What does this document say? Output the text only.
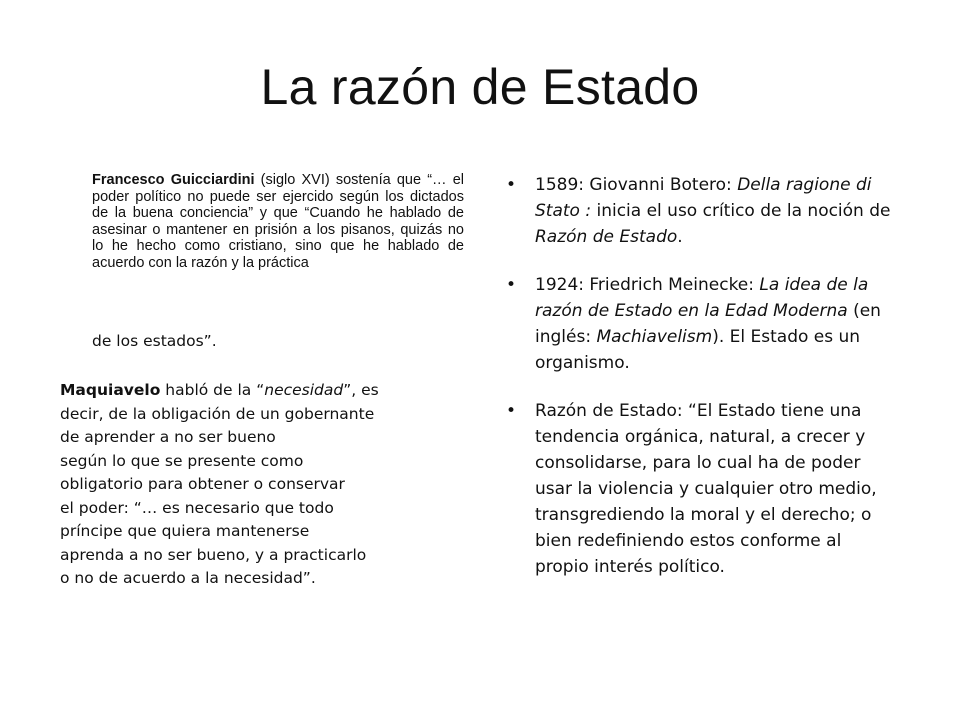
La razón de Estado
Francesco Guicciardini (siglo XVI) sostenía que “… el poder político no puede ser ejercido según los dictados de la buena conciencia” y que “Cuando he hablado de asesinar o mantener en prisión a los pisanos, quizás no lo he hecho como cristiano, sino que he hablado de acuerdo con la razón y la práctica
de los estados”.
Maquiavelo habló de la “necesidad”, es
decir, de la obligación de un gobernante
de aprender a no ser bueno
según lo que se presente como
obligatorio para obtener o conservar
el poder: “… es necesario que todo
príncipe que quiera mantenerse
aprenda a no ser bueno, y a practicarlo
o no de acuerdo a la necesidad”.
• 1589: Giovanni Botero: Della ragione di
Stato : inicia el uso crítico de la noción de
Razón de Estado.
• 1924: Friedrich Meinecke: La idea de la
razón de Estado en la Edad Moderna (en
inglés: Machiavelism). El Estado es un
organismo.
• Razón de Estado: “El Estado tiene una
tendencia orgánica, natural, a crecer y
consolidarse, para lo cual ha de poder
usar la violencia y cualquier otro medio,
transgrediendo la moral y el derecho; o
bien redefiniendo estos conforme al
propio interés político.
